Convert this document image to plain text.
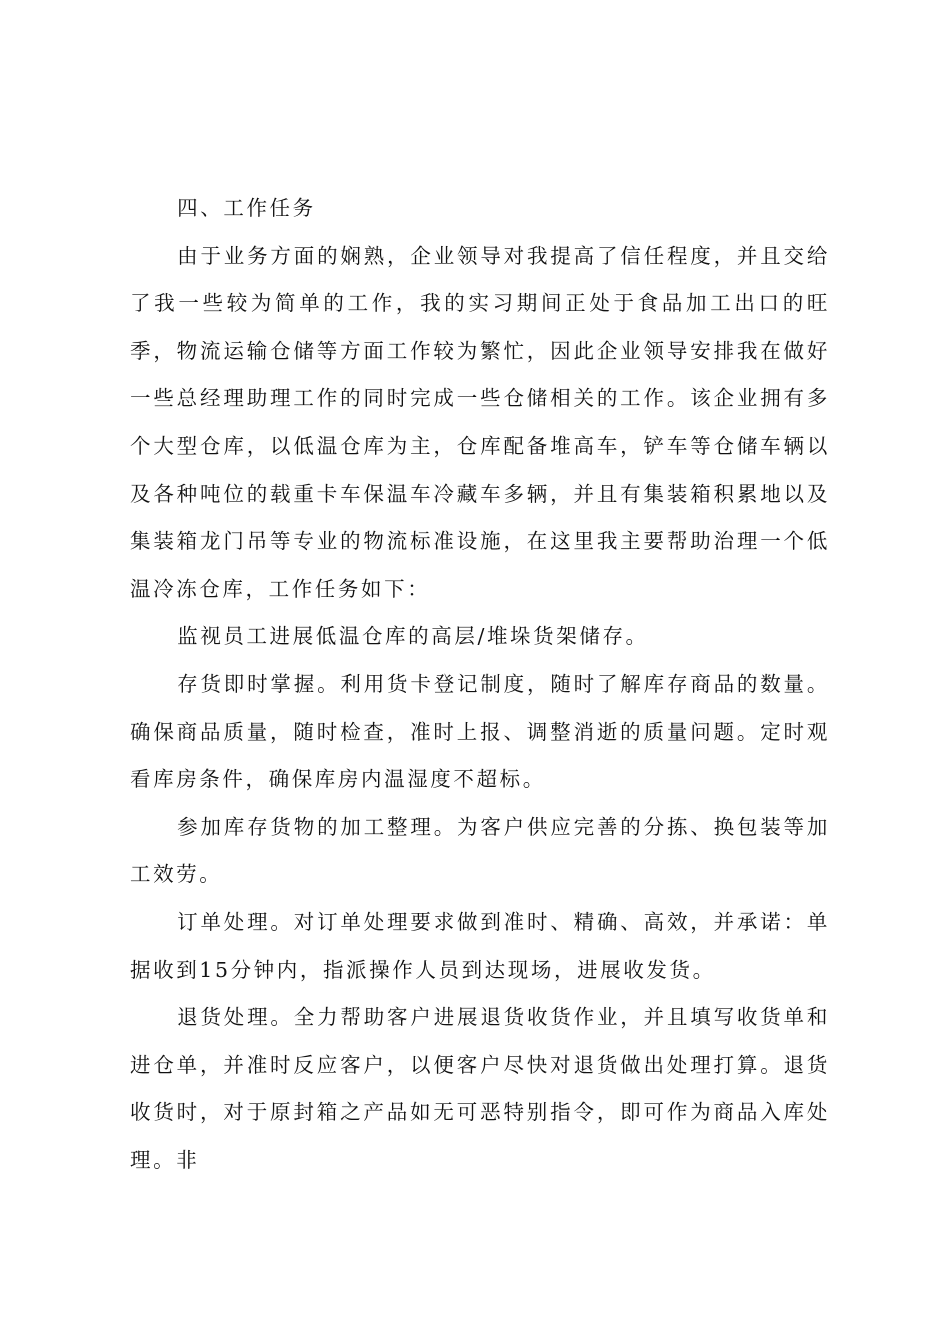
四、工作任务

由于业务方面的娴熟，企业领导对我提高了信任程度，并且交给了我一些较为简单的工作，我的实习期间正处于食品加工出口的旺季，物流运输仓储等方面工作较为繁忙，因此企业领导安排我在做好一些总经理助理工作的同时完成一些仓储相关的工作。该企业拥有多个大型仓库，以低温仓库为主，仓库配备堆高车，铲车等仓储车辆以及各种吨位的载重卡车保温车冷藏车多辆，并且有集装箱积累地以及集装箱龙门吊等专业的物流标准设施，在这里我主要帮助治理一个低温冷冻仓库，工作任务如下：

监视员工进展低温仓库的高层/堆垛货架储存。

存货即时掌握。利用货卡登记制度，随时了解库存商品的数量。确保商品质量，随时检查，准时上报、调整消逝的质量问题。定时观看库房条件，确保库房内温湿度不超标。

参加库存货物的加工整理。为客户供应完善的分拣、换包装等加工效劳。

订单处理。对订单处理要求做到准时、精确、高效，并承诺：单据收到15分钟内，指派操作人员到达现场，进展收发货。

退货处理。全力帮助客户进展退货收货作业，并且填写收货单和进仓单，并准时反应客户，以便客户尽快对退货做出处理打算。退货收货时，对于原封箱之产品如无可恶特别指令，即可作为商品入库处理。非
